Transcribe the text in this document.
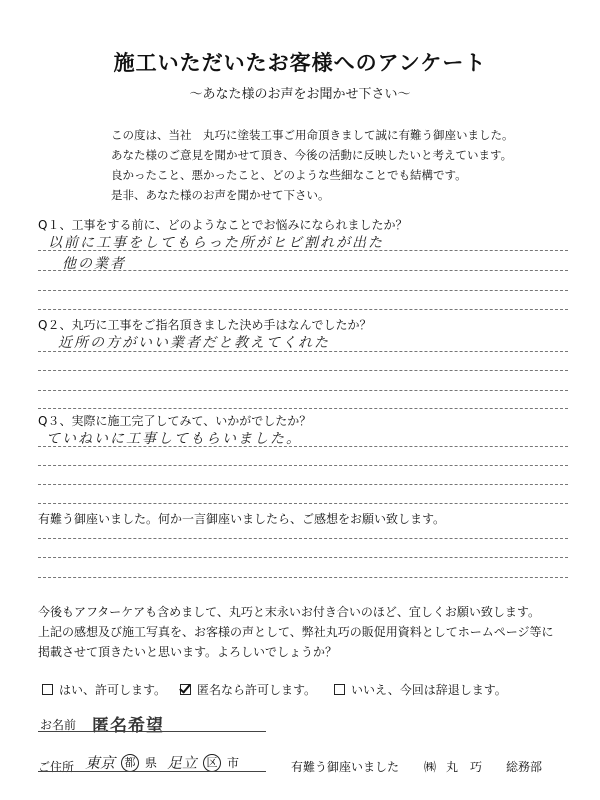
施工いただいたお客様へのアンケート
～あなた様のお声をお聞かせ下さい～
この度は、当社　丸巧に塗装工事ご用命頂きまして誠に有難う御座いました。
あなた様のご意見を聞かせて頂き、今後の活動に反映したいと考えています。
良かったこと、悪かったこと、どのような些細なことでも結構です。
是非、あなた様のお声を聞かせて下さい。
Q１、工事をする前に、どのようなことでお悩みになられましたか？
以前に工事をしてもらった所がヒビ割れが出た
他の業者
Q２、丸巧に工事をご指名頂きました決め手はなんでしたか？
近所の方がいい業者だと教えてくれた
Q３、実際に施工完了してみて、いかがでしたか？
ていねいに工事してもらいました。
有難う御座いました。何か一言御座いましたら、ご感想をお願い致します。
今後もアフターケアも含めまして、丸巧と末永いお付き合いのほど、宜しくお願い致します。
上記の感想及び施工写真を、お客様の声として、弊社丸巧の販促用資料としてホームページ等に
掲載させて頂きたいと思います。よろしいでしょうか？
はい、許可します。	匿名なら許可します。	いいえ、今回は辞退します。
お名前 匿名希望
ご住所 東京 都 県 足立 区 市	有難う御座いました ㈱ 丸　巧 総務部
